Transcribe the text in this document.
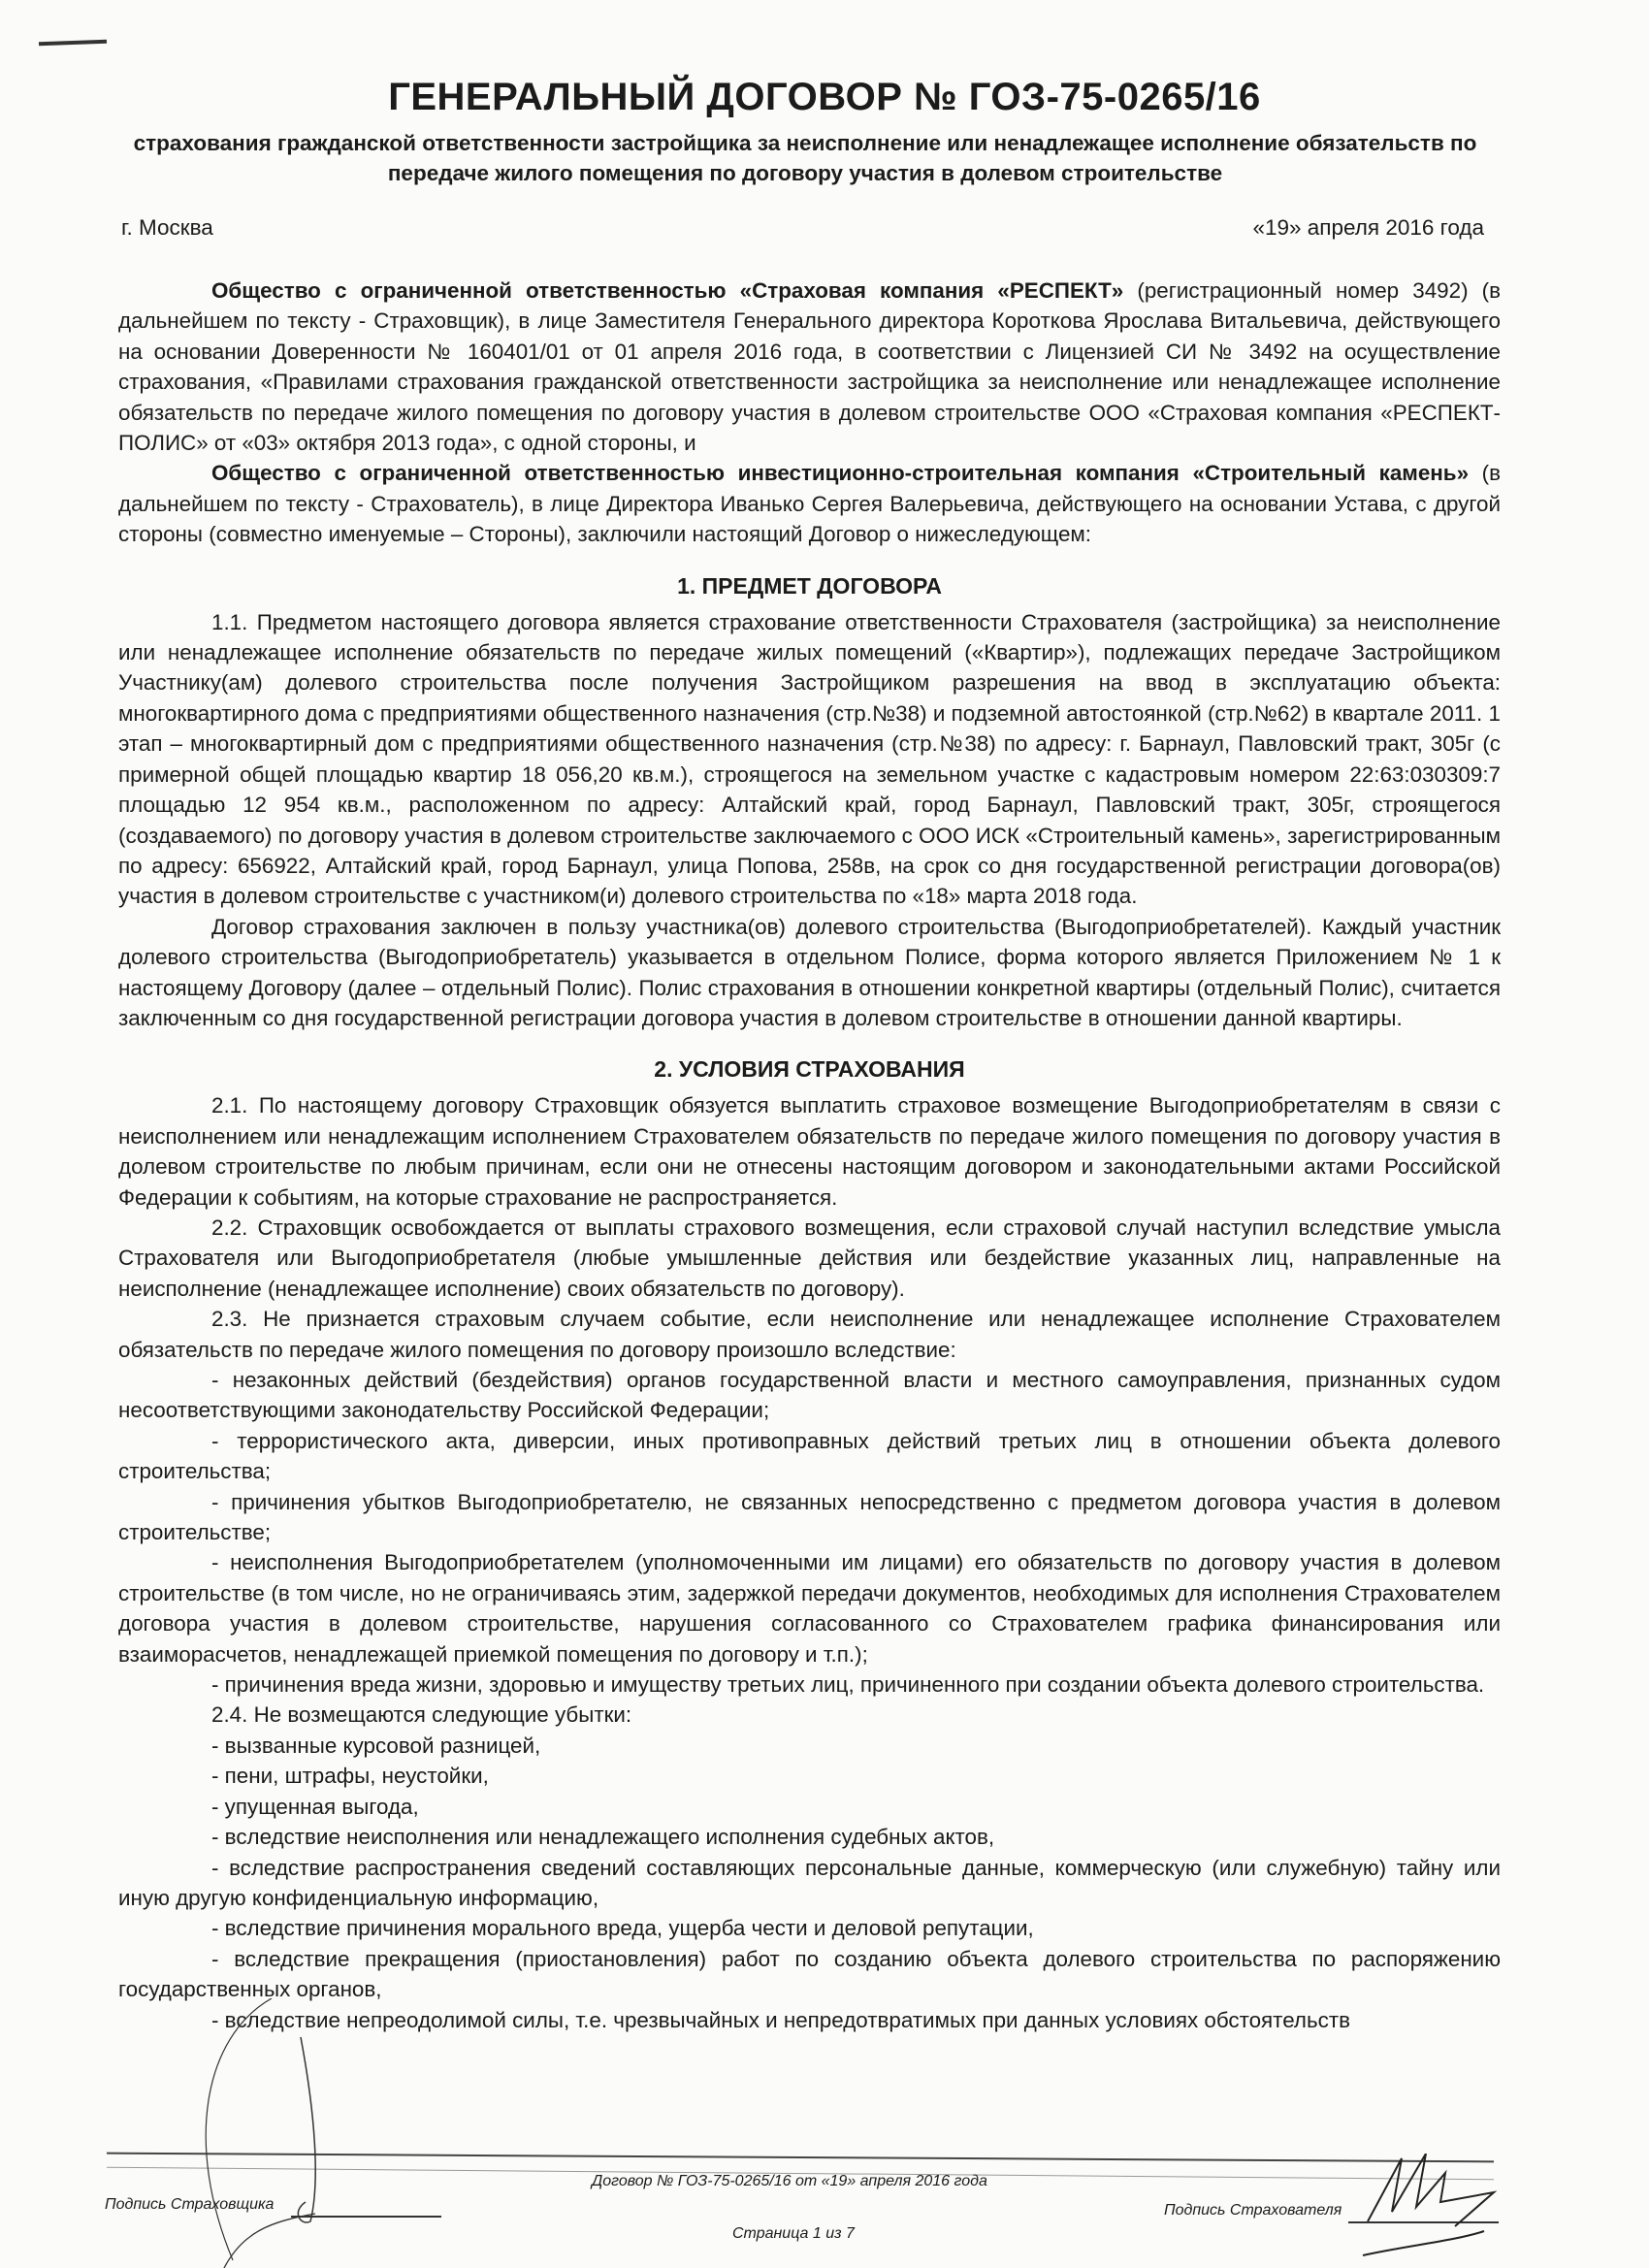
ГЕНЕРАЛЬНЫЙ ДОГОВОР № ГОЗ-75-0265/16
страхования гражданской ответственности застройщика за неисполнение или ненадлежащее исполнение обязательств по передаче жилого помещения по договору участия в долевом строительстве
г. Москва	«19» апреля 2016 года

Общество с ограниченной ответственностью «Страховая компания «РЕСПЕКТ» (регистрационный номер 3492) (в дальнейшем по тексту - Страховщик), в лице Заместителя Генерального директора Короткова Ярослава Витальевича, действующего на основании Доверенности № 160401/01 от 01 апреля 2016 года, в соответствии с Лицензией СИ № 3492 на осуществление страхования, «Правилами страхования гражданской ответственности застройщика за неисполнение или ненадлежащее исполнение обязательств по передаче жилого помещения по договору участия в долевом строительстве ООО «Страховая компания «РЕСПЕКТ-ПОЛИС» от «03» октября 2013 года», с одной стороны, и

Общество с ограниченной ответственностью инвестиционно-строительная компания «Строительный камень» (в дальнейшем по тексту - Страхователь), в лице Директора Иванько Сергея Валерьевича, действующего на основании Устава, с другой стороны (совместно именуемые – Стороны), заключили настоящий Договор о нижеследующем:

1. ПРЕДМЕТ ДОГОВОРА

1.1. Предметом настоящего договора является страхование ответственности Страхователя (застройщика) за неисполнение или ненадлежащее исполнение обязательств по передаче жилых помещений («Квартир»), подлежащих передаче Застройщиком Участнику(ам) долевого строительства после получения Застройщиком разрешения на ввод в эксплуатацию объекта: многоквартирного дома с предприятиями общественного назначения (стр.№38) и подземной автостоянкой (стр.№62) в квартале 2011. 1 этап – многоквартирный дом с предприятиями общественного назначения (стр.№38) по адресу: г. Барнаул, Павловский тракт, 305г (с примерной общей площадью квартир 18 056,20 кв.м.), строящегося на земельном участке с кадастровым номером 22:63:030309:7 площадью 12 954 кв.м., расположенном по адресу: Алтайский край, город Барнаул, Павловский тракт, 305г, строящегося (создаваемого) по договору участия в долевом строительстве заключаемого с ООО ИСК «Строительный камень», зарегистрированным по адресу: 656922, Алтайский край, город Барнаул, улица Попова, 258в, на срок со дня государственной регистрации договора(ов) участия в долевом строительстве с участником(и) долевого строительства по «18» марта 2018 года.

Договор страхования заключен в пользу участника(ов) долевого строительства (Выгодоприобретателей). Каждый участник долевого строительства (Выгодоприобретатель) указывается в отдельном Полисе, форма которого является Приложением № 1 к настоящему Договору (далее – отдельный Полис). Полис страхования в отношении конкретной квартиры (отдельный Полис), считается заключенным со дня государственной регистрации договора участия в долевом строительстве в отношении данной квартиры.

2. УСЛОВИЯ СТРАХОВАНИЯ

2.1. По настоящему договору Страховщик обязуется выплатить страховое возмещение Выгодоприобретателям в связи с неисполнением или ненадлежащим исполнением Страхователем обязательств по передаче жилого помещения по договору участия в долевом строительстве по любым причинам, если они не отнесены настоящим договором и законодательными актами Российской Федерации к событиям, на которые страхование не распространяется.

2.2. Страховщик освобождается от выплаты страхового возмещения, если страховой случай наступил вследствие умысла Страхователя или Выгодоприобретателя (любые умышленные действия или бездействие указанных лиц, направленные на неисполнение (ненадлежащее исполнение) своих обязательств по договору).

2.3. Не признается страховым случаем событие, если неисполнение или ненадлежащее исполнение Страхователем обязательств по передаче жилого помещения по договору произошло вследствие:

- незаконных действий (бездействия) органов государственной власти и местного самоуправления, признанных судом несоответствующими законодательству Российской Федерации;

- террористического акта, диверсии, иных противоправных действий третьих лиц в отношении объекта долевого строительства;

- причинения убытков Выгодоприобретателю, не связанных непосредственно с предметом договора участия в долевом строительстве;

- неисполнения Выгодоприобретателем (уполномоченными им лицами) его обязательств по договору участия в долевом строительстве (в том числе, но не ограничиваясь этим, задержкой передачи документов, необходимых для исполнения Страхователем договора участия в долевом строительстве, нарушения согласованного со Страхователем графика финансирования или взаиморасчетов, ненадлежащей приемкой помещения по договору и т.п.);

- причинения вреда жизни, здоровью и имуществу третьих лиц, причиненного при создании объекта долевого строительства.

2.4. Не возмещаются следующие убытки:

- вызванные курсовой разницей,

- пени, штрафы, неустойки,

- упущенная выгода,

- вследствие неисполнения или ненадлежащего исполнения судебных актов,

- вследствие распространения сведений составляющих персональные данные, коммерческую (или служебную) тайну или иную другую конфиденциальную информацию,

- вследствие причинения морального вреда, ущерба чести и деловой репутации,

- вследствие прекращения (приостановления) работ по созданию объекта долевого строительства по распоряжению государственных органов,

- вследствие непреодолимой силы, т.е. чрезвычайных и непредотвратимых при данных условиях обстоятельств

Договор № ГОЗ-75-0265/16 от «19» апреля 2016 года
Подпись Страховщика	Подпись Страхователя
Страница 1 из 7
